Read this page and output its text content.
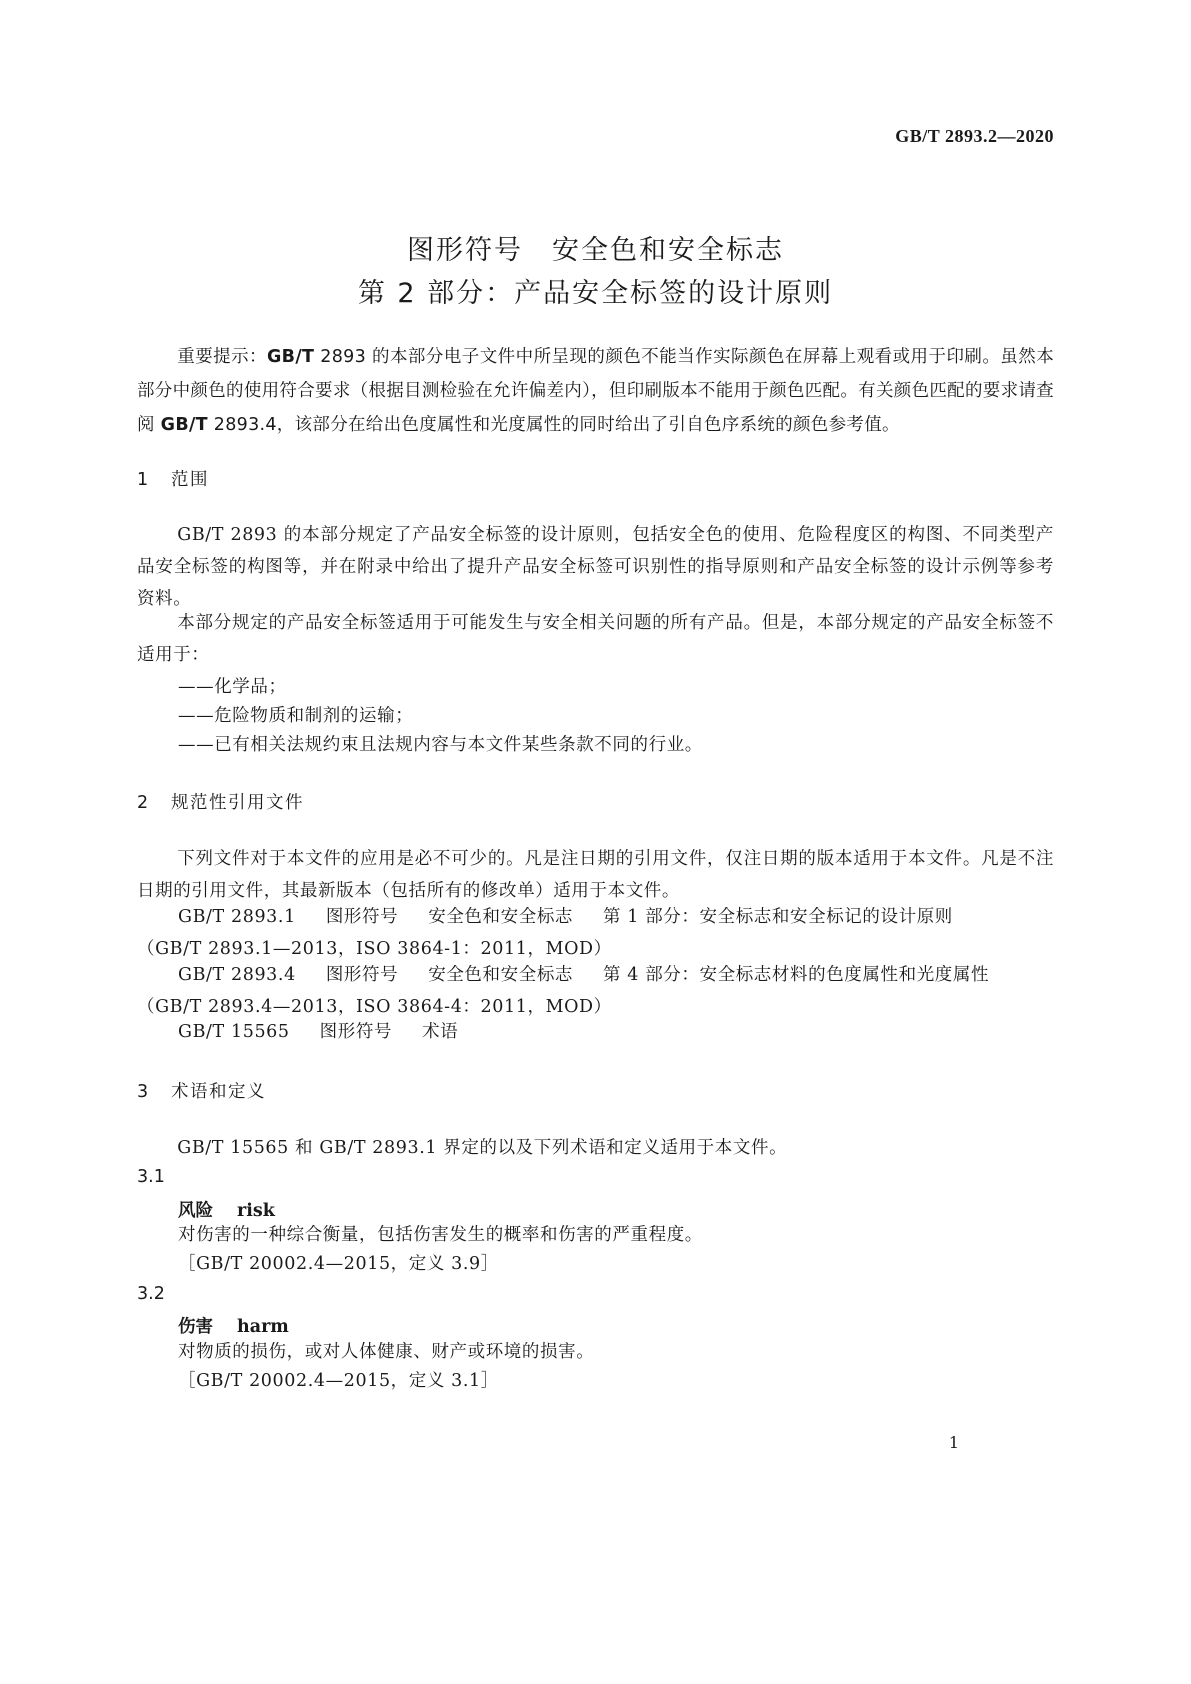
GB/T 2893.2—2020
图形符号　安全色和安全标志
第 2 部分：产品安全标签的设计原则
重要提示：GB/T 2893 的本部分电子文件中所呈现的颜色不能当作实际颜色在屏幕上观看或用于印刷。虽然本部分中颜色的使用符合要求（根据目测检验在允许偏差内），但印刷版本不能用于颜色匹配。有关颜色匹配的要求请查阅 GB/T 2893.4，该部分在给出色度属性和光度属性的同时给出了引自色序系统的颜色参考值。
1 范围
GB/T 2893 的本部分规定了产品安全标签的设计原则，包括安全色的使用、危险程度区的构图、不同类型产品安全标签的构图等，并在附录中给出了提升产品安全标签可识别性的指导原则和产品安全标签的设计示例等参考资料。
本部分规定的产品安全标签适用于可能发生与安全相关问题的所有产品。但是，本部分规定的产品安全标签不适用于：
——化学品；
——危险物质和制剂的运输；
——已有相关法规约束且法规内容与本文件某些条款不同的行业。
2 规范性引用文件
下列文件对于本文件的应用是必不可少的。凡是注日期的引用文件，仅注日期的版本适用于本文件。凡是不注日期的引用文件，其最新版本（包括所有的修改单）适用于本文件。
GB/T 2893.1 图形符号 安全色和安全标志 第 1 部分：安全标志和安全标记的设计原则
（GB/T 2893.1—2013，ISO 3864-1：2011，MOD）
GB/T 2893.4 图形符号 安全色和安全标志 第 4 部分：安全标志材料的色度属性和光度属性
（GB/T 2893.4—2013，ISO 3864-4：2011，MOD）
GB/T 15565 图形符号 术语
3 术语和定义
GB/T 15565 和 GB/T 2893.1 界定的以及下列术语和定义适用于本文件。
3.1
风险 risk
对伤害的一种综合衡量，包括伤害发生的概率和伤害的严重程度。
［GB/T 20002.4—2015，定义 3.9］
3.2
伤害 harm
对物质的损伤，或对人体健康、财产或环境的损害。
［GB/T 20002.4—2015，定义 3.1］
1
